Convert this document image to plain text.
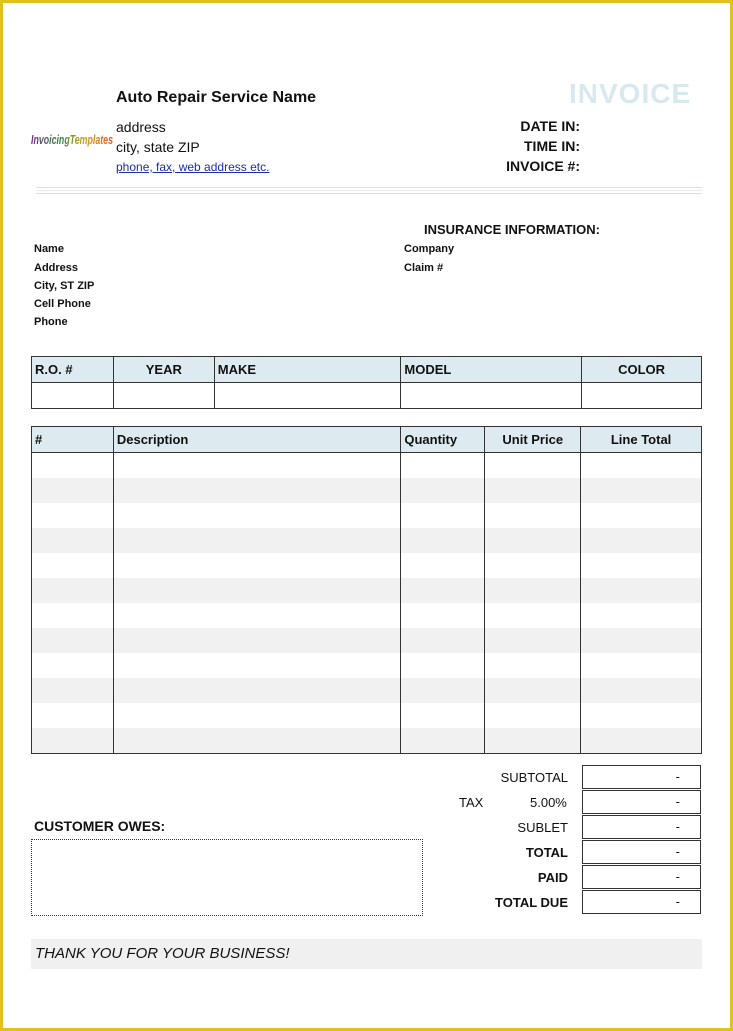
InvoicingTemplates
Auto Repair Service Name
address
city, state ZIP
phone, fax, web address etc.
INVOICE
DATE IN:
TIME IN:
INVOICE #:
INSURANCE INFORMATION:
Name
Address
City, ST ZIP
Cell Phone
Phone
Company
Claim #
R.O. #	YEAR	MAKE	MODEL	COLOR

#	Description	Quantity	Unit Price	Line Total

SUBTOTAL	-
TAX	5.00%	-
SUBLET	-
TOTAL	-
PAID	-
TOTAL DUE	-
CUSTOMER OWES:
THANK YOU FOR YOUR BUSINESS!
